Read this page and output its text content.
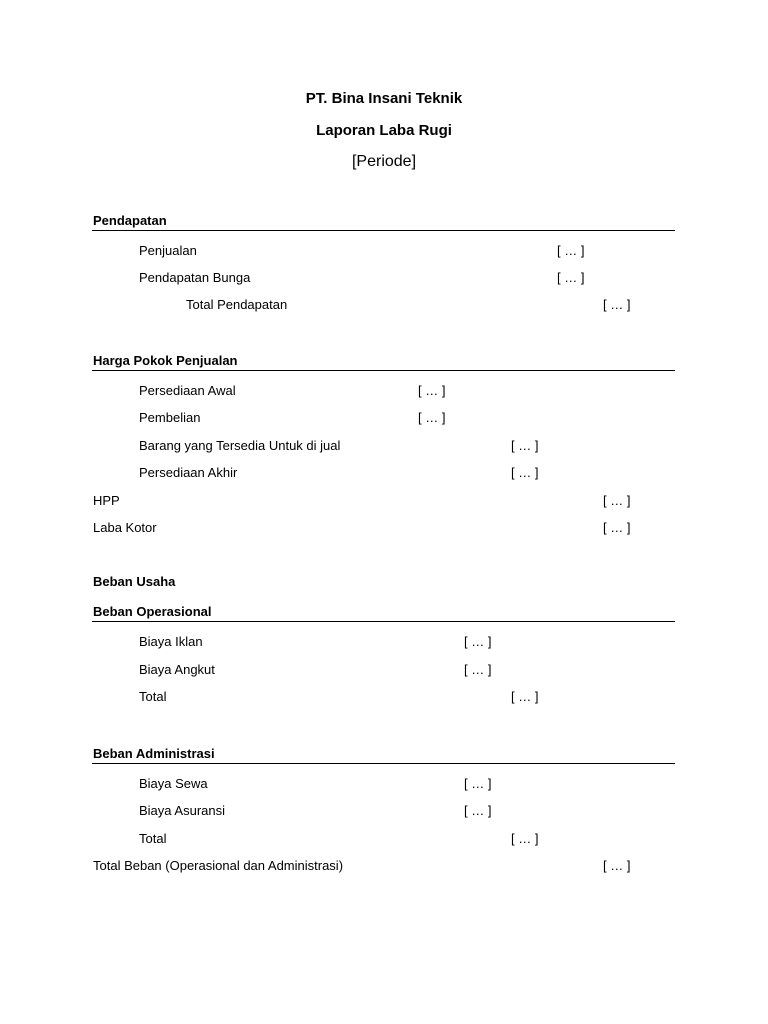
PT. Bina Insani Teknik
Laporan Laba Rugi
[Periode]
Pendapatan
Penjualan	[ … ]
Pendapatan Bunga	[ … ]
Total Pendapatan	[ … ]
Harga Pokok Penjualan
Persediaan Awal	[ … ]
Pembelian	[ … ]
Barang yang Tersedia Untuk di jual	[ … ]
Persediaan Akhir	[ … ]
HPP	[ … ]
Laba Kotor	[ … ]
Beban Usaha
Beban Operasional
Biaya Iklan	[ … ]
Biaya Angkut	[ … ]
Total	[ … ]
Beban Administrasi
Biaya Sewa	[ … ]
Biaya Asuransi	[ … ]
Total	[ … ]
Total Beban (Operasional dan Administrasi)	[ … ]
